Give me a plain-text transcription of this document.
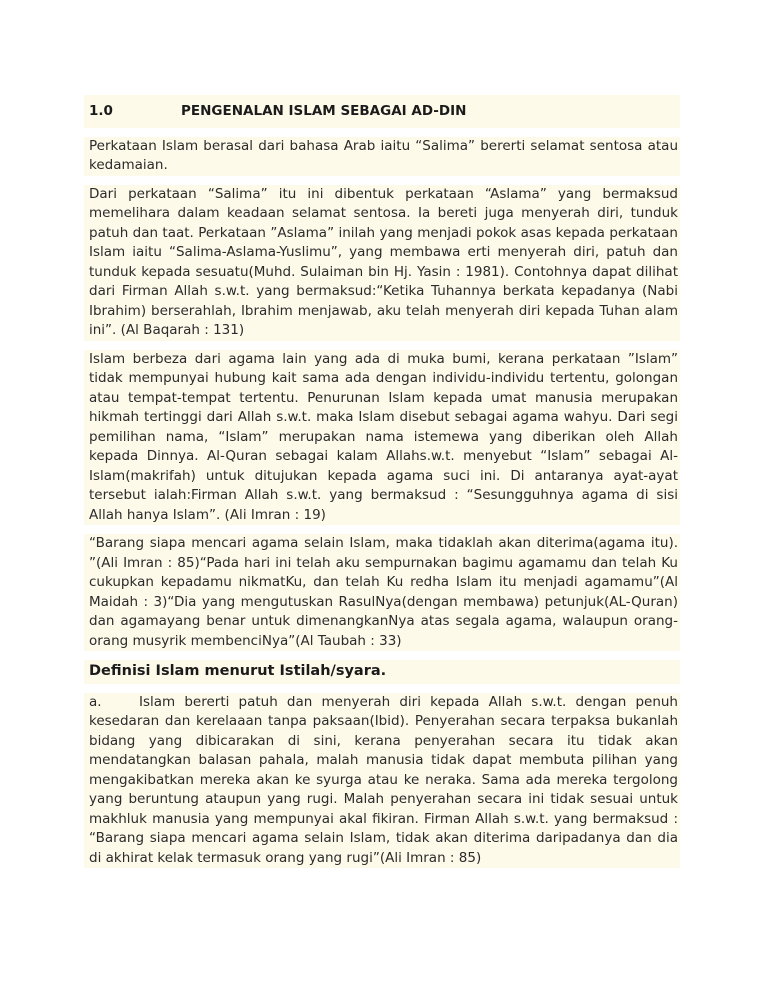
1.0	PENGENALAN ISLAM SEBAGAI AD-DIN

Perkataan Islam berasal dari bahasa Arab iaitu “Salima” bererti selamat sentosa atau kedamaian.

Dari perkataan “Salima” itu ini dibentuk perkataan “Aslama” yang bermaksud memelihara dalam keadaan selamat sentosa. Ia bereti juga menyerah diri, tunduk patuh dan taat. Perkataan ”Aslama” inilah yang menjadi pokok asas kepada perkataan Islam iaitu “Salima-Aslama-Yuslimu”, yang membawa erti menyerah diri, patuh dan tunduk kepada sesuatu(Muhd. Sulaiman bin Hj. Yasin : 1981). Contohnya dapat dilihat dari Firman Allah s.w.t. yang bermaksud:“Ketika Tuhannya berkata kepadanya (Nabi Ibrahim) berserahlah, Ibrahim menjawab, aku telah menyerah diri kepada Tuhan alam ini”. (Al Baqarah : 131)

Islam berbeza dari agama lain yang ada di muka bumi, kerana perkataan ”Islam” tidak mempunyai hubung kait sama ada dengan individu-individu tertentu, golongan atau tempat-tempat tertentu. Penurunan Islam kepada umat manusia merupakan hikmah tertinggi dari Allah s.w.t. maka Islam disebut sebagai agama wahyu. Dari segi pemilihan nama, “Islam” merupakan nama istemewa yang diberikan oleh Allah kepada Dinnya. Al-Quran sebagai kalam Allahs.w.t. menyebut “Islam” sebagai Al-Islam(makrifah) untuk ditujukan kepada agama suci ini. Di antaranya ayat-ayat tersebut ialah:Firman Allah s.w.t. yang bermaksud : “Sesungguhnya agama di sisi Allah hanya Islam”. (Ali Imran : 19)

“Barang siapa mencari agama selain Islam, maka tidaklah akan diterima(agama itu). ”(Ali Imran : 85)“Pada hari ini telah aku sempurnakan bagimu agamamu dan telah Ku cukupkan kepadamu nikmatKu, dan telah Ku redha Islam itu menjadi agamamu”(Al Maidah : 3)“Dia yang mengutuskan RasulNya(dengan membawa) petunjuk(AL-Quran) dan agamayang benar untuk dimenangkanNya atas segala agama, walaupun orang-orang musyrik membenciNya”(Al Taubah : 33)

Definisi Islam menurut Istilah/syara.

a.	Islam bererti patuh dan menyerah diri kepada Allah s.w.t. dengan penuh kesedaran dan kerelaaan tanpa paksaan(Ibid). Penyerahan secara terpaksa bukanlah bidang yang dibicarakan di sini, kerana penyerahan secara itu tidak akan mendatangkan balasan pahala, malah manusia tidak dapat membuta pilihan yang mengakibatkan mereka akan ke syurga atau ke neraka. Sama ada mereka tergolong yang beruntung ataupun yang rugi. Malah penyerahan secara ini tidak sesuai untuk makhluk manusia yang mempunyai akal fikiran. Firman Allah s.w.t. yang bermaksud : “Barang siapa mencari agama selain Islam, tidak akan diterima daripadanya dan dia di akhirat kelak termasuk orang yang rugi”(Ali Imran : 85)
